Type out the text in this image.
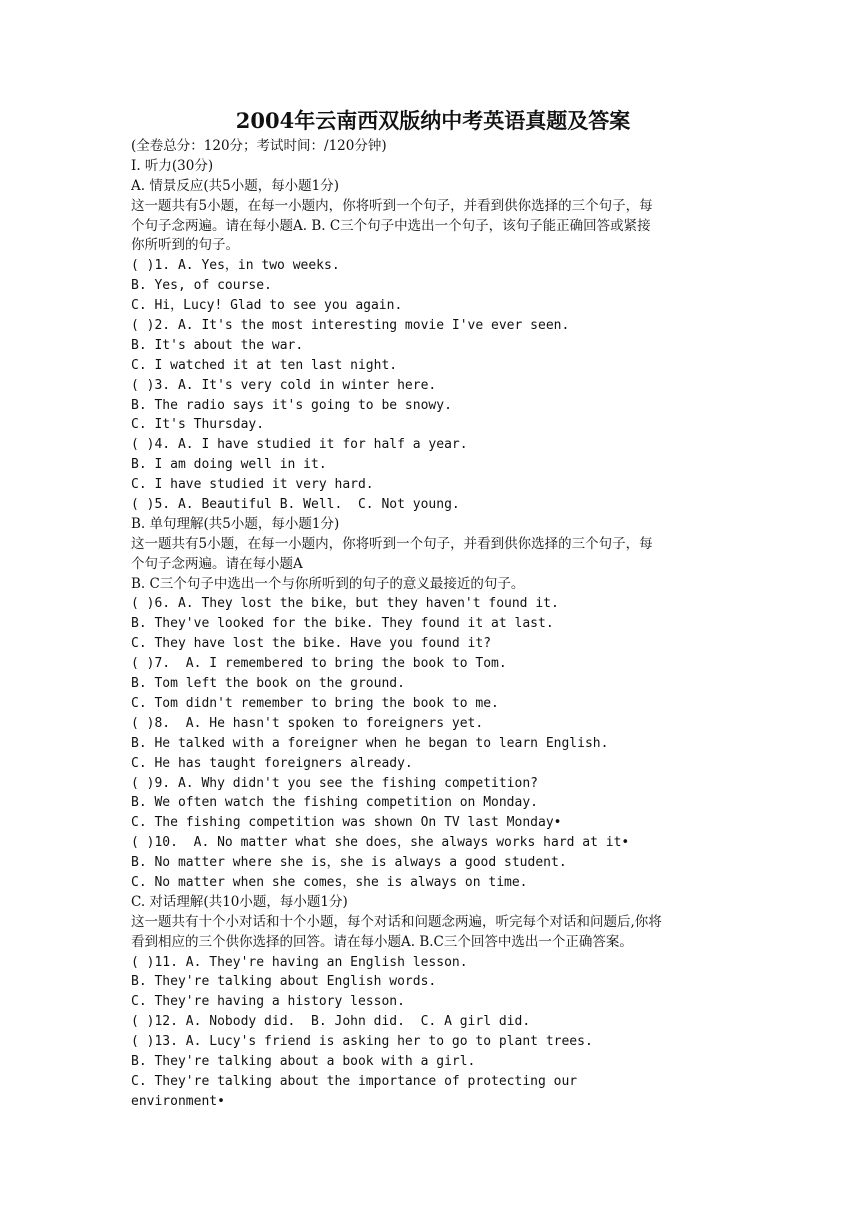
2004年云南西双版纳中考英语真题及答案
(全卷总分：120分；考试时间：/120分钟)
I. 听力(30分)
A. 情景反应(共5小题，每小题1分)
这一题共有5小题，在每一小题内，你将听到一个句子，并看到供你选择的三个句子，每
个句子念两遍。请在每小题A. B. C三个句子中选出一个句子，该句子能正确回答或紧接
你所听到的句子。
( )1. A. Yes，in two weeks.
B. Yes, of course.
C. Hi，Lucy! Glad to see you again.
( )2. A. It's the most interesting movie I've ever seen.
B. It's about the war.
C. I watched it at ten last night.
( )3. A. It's very cold in winter here.
B. The radio says it's going to be snowy.
C. It's Thursday.
( )4. A. I have studied it for half a year.
B. I am doing well in it.
C. I have studied it very hard.
( )5. A. Beautiful B. Well.  C. Not young.
B. 单句理解(共5小题，每小题1分)
这一题共有5小题，在每一小题内，你将听到一个句子，并看到供你选择的三个句子，每
个句子念两遍。请在每小题A
B. C三个句子中选出一个与你所听到的句子的意义最接近的句子。
( )6. A. They lost the bike，but they haven't found it.
B. They've looked for the bike. They found it at last.
C. They have lost the bike. Have you found it?
( )7.  A. I remembered to bring the book to Tom.
B. Tom left the book on the ground.
C. Tom didn't remember to bring the book to me.
( )8.  A. He hasn't spoken to foreigners yet.
B. He talked with a foreigner when he began to learn English.
C. He has taught foreigners already.
( )9. A. Why didn't you see the fishing competition?
B. We often watch the fishing competition on Monday.
C. The fishing competition was shown On TV last Monday•
( )10.  A. No matter what she does，she always works hard at it•
B. No matter where she is，she is always a good student.
C. No matter when she comes，she is always on time.
C. 对话理解(共10小题，每小题1分)
这一题共有十个小对话和十个小题，每个对话和问题念两遍，听完每个对话和问题后,你将
看到相应的三个供你选择的回答。请在每小题A. B.C三个回答中选出一个正确答案。
( )11. A. They're having an English lesson.
B. They're talking about English words.
C. They're having a history lesson.
( )12. A. Nobody did.  B. John did.  C. A girl did.
( )13. A. Lucy's friend is asking her to go to plant trees.
B. They're talking about a book with a girl.
C. They're talking about the importance of protecting our
environment•
